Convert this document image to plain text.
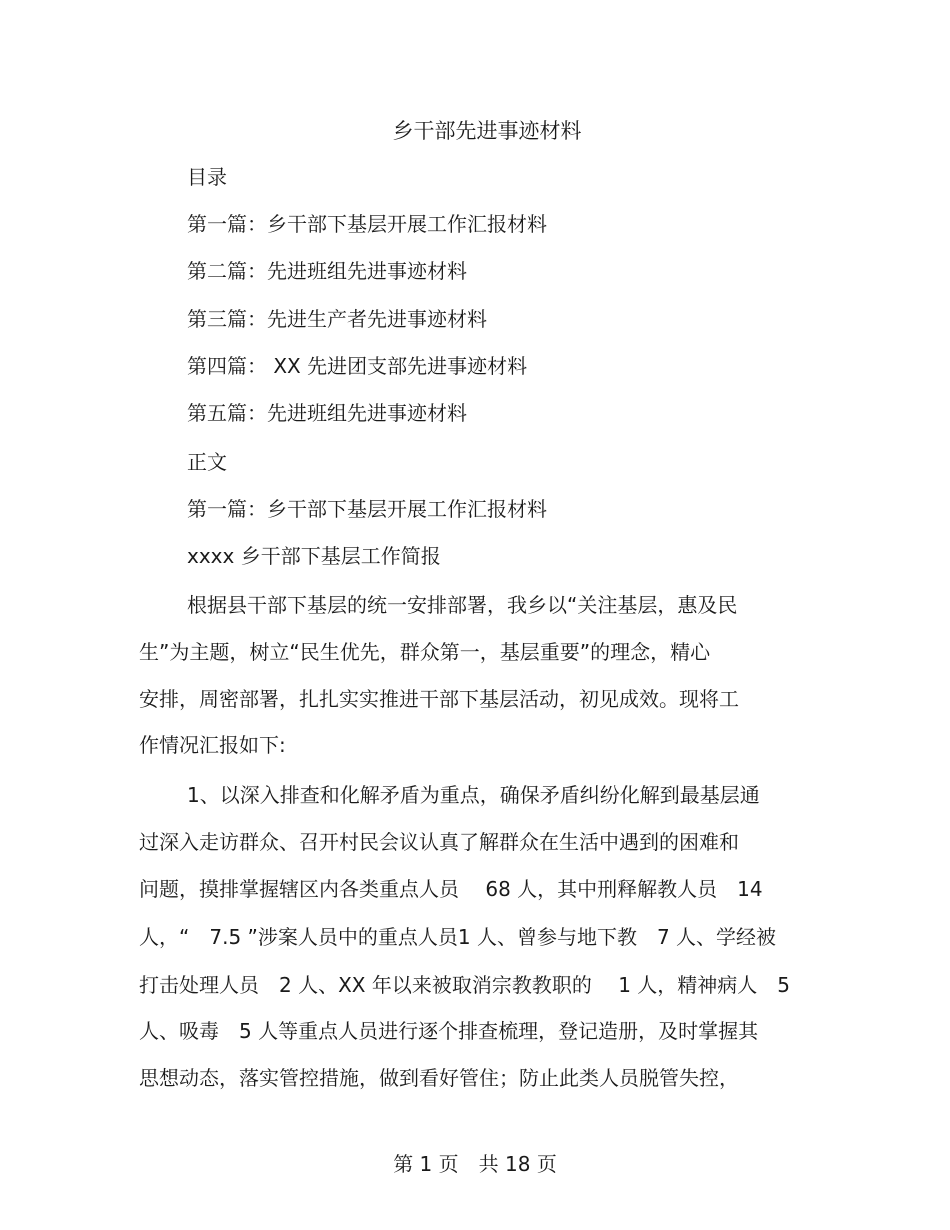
乡干部先进事迹材料
目录
第一篇：乡干部下基层开展工作汇报材料
第二篇：先进班组先进事迹材料
第三篇：先进生产者先进事迹材料
第四篇： XX 先进团支部先进事迹材料
第五篇：先进班组先进事迹材料
正文
第一篇：乡干部下基层开展工作汇报材料
xxxx 乡干部下基层工作简报
根据县干部下基层的统一安排部署，我乡以“关注基层，惠及民
生”为主题，树立“民生优先，群众第一，基层重要”的理念，精心
安排，周密部署，扎扎实实推进干部下基层活动，初见成效。现将工
作情况汇报如下:
1、以深入排查和化解矛盾为重点，确保矛盾纠纷化解到最基层通
过深入走访群众、召开村民会议认真了解群众在生活中遇到的困难和
问题，摸排掌握辖区内各类重点人员　 68 人，其中刑释解教人员　14
人，“　7.5 ”涉案人员中的重点人员1 人、曾参与地下教　7 人、学经被
打击处理人员　2 人、XX 年以来被取消宗教教职的　 1 人，精神病人　5
人、吸毒　5 人等重点人员进行逐个排查梳理，登记造册，及时掌握其
思想动态，落实管控措施，做到看好管住；防止此类人员脱管失控，
第 1 页　共 18 页
